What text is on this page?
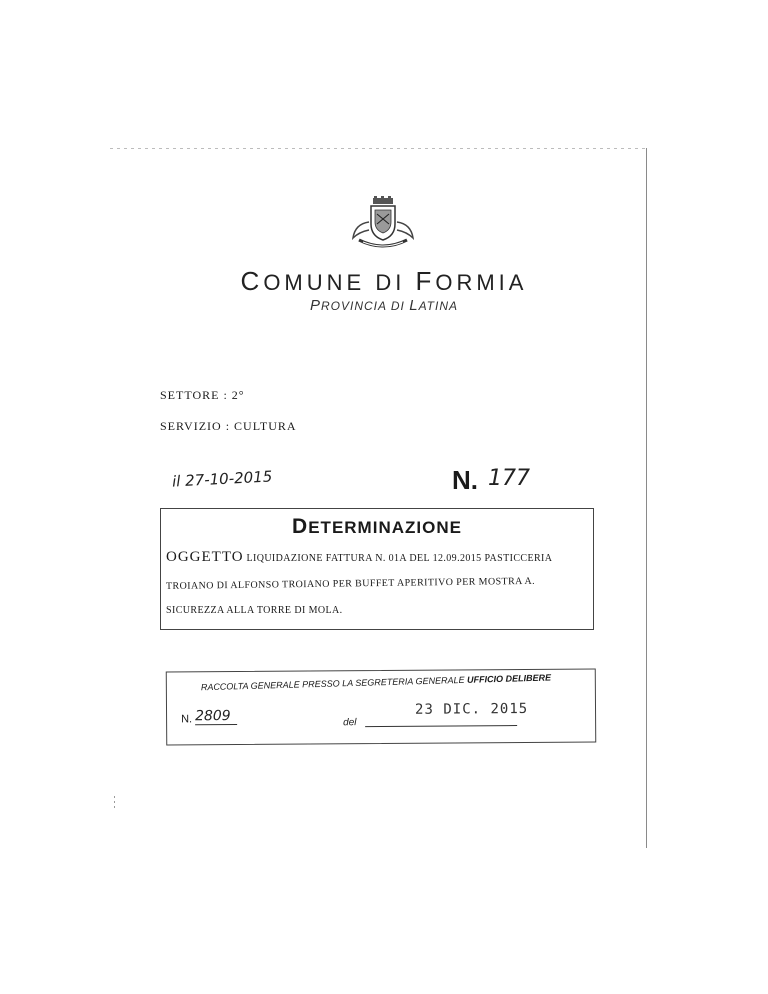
COMUNE DI FORMIA
PROVINCIA DI LATINA
SETTORE : 2°
SERVIZIO : CULTURA
il 27-10-2015	N. 177
DETERMINAZIONE
OGGETTO LIQUIDAZIONE FATTURA N. 01A DEL 12.09.2015 PASTICCERIA
TROIANO DI ALFONSO TROIANO PER BUFFET APERITIVO PER MOSTRA A.
SICUREZZA ALLA TORRE DI MOLA.
RACCOLTA GENERALE PRESSO LA SEGRETERIA GENERALE UFFICIO DELIBERE
N. 2809	del
23 DIC. 2015
